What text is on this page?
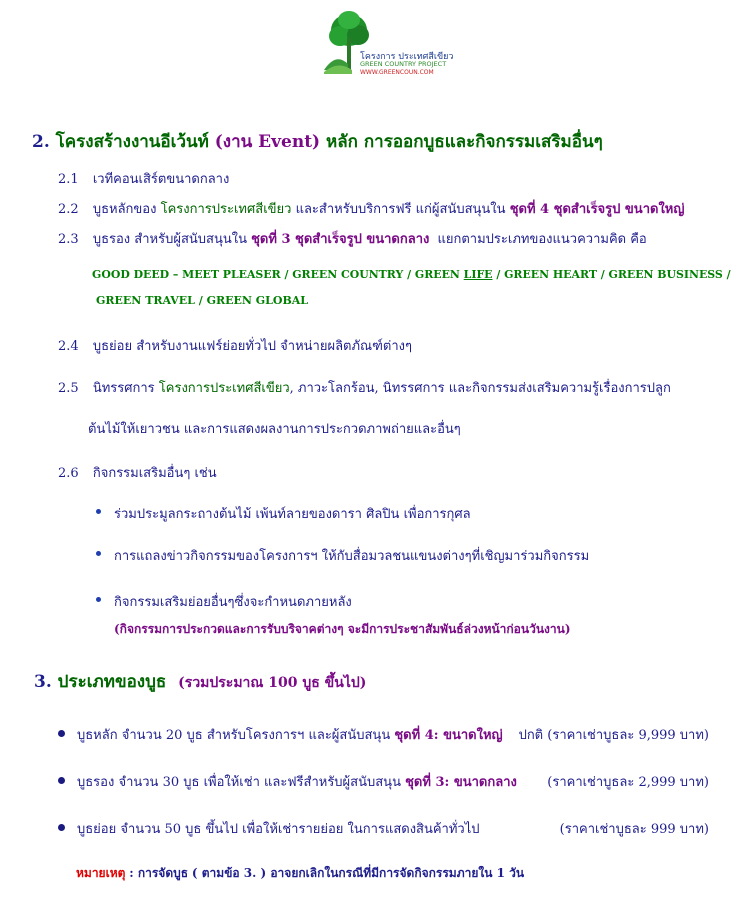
โครงการ ประเทศสีเขียว
GREEN COUNTRY PROJECT
WWW.GREENCOUN.COM
2. โครงสร้างงานอีเว้นท์ (งาน Event) หลัก การออกบูธและกิจกรรมเสริมอื่นๆ
2.1 เวทีคอนเสิร์ตขนาดกลาง
2.2 บูธหลักของ โครงการประเทศสีเขียว และสำหรับบริการฟรี แก่ผู้สนับสนุนใน ชุดที่ 4 ชุดสำเร็จรูป ขนาดใหญ่
2.3 บูธรอง สำหรับผู้สนับสนุนใน ชุดที่ 3 ชุดสำเร็จรูป ขนาดกลาง แยกตามประเภทของแนวความคิด คือ
GOOD DEED – MEET PLEASER / GREEN COUNTRY / GREEN LIFE / GREEN HEART / GREEN BUSINESS /
GREEN TRAVEL / GREEN GLOBAL
2.4 บูธย่อย สำหรับงานแฟร์ย่อยทั่วไป จำหน่ายผลิตภัณฑ์ต่างๆ
2.5 นิทรรศการ โครงการประเทศสีเขียว, ภาวะโลกร้อน, นิทรรศการ และกิจกรรมส่งเสริมความรู้เรื่องการปลูก
ต้นไม้ให้เยาวชน และการแสดงผลงานการประกวดภาพถ่ายและอื่นๆ
2.6 กิจกรรมเสริมอื่นๆ เช่น
ร่วมประมูลกระถางต้นไม้ เพ้นท์ลายของดารา ศิลปิน เพื่อการกุศล
การแถลงข่าวกิจกรรมของโครงการฯ ให้กับสื่อมวลชนแขนงต่างๆที่เชิญมาร่วมกิจกรรม
กิจกรรมเสริมย่อยอื่นๆซึ่งจะกำหนดภายหลัง
(กิจกรรมการประกวดและการรับบริจาคต่างๆ จะมีการประชาสัมพันธ์ล่วงหน้าก่อนวันงาน)
3. ประเภทของบูธ (รวมประมาณ 100 บูธ ขึ้นไป)
บูธหลัก จำนวน 20 บูธ สำหรับโครงการฯ และผู้สนับสนุน ชุดที่ 4: ขนาดใหญ่ ปกติ (ราคาเช่าบูธละ 9,999 บาท)
บูธรอง จำนวน 30 บูธ เพื่อให้เช่า และฟรีสำหรับผู้สนับสนุน ชุดที่ 3: ขนาดกลาง (ราคาเช่าบูธละ 2,999 บาท)
บูธย่อย จำนวน 50 บูธ ขึ้นไป เพื่อให้เช่ารายย่อย ในการแสดงสินค้าทั่วไป	(ราคาเช่าบูธละ 999 บาท)
หมายเหตุ : การจัดบูธ ( ตามข้อ 3. ) อาจยกเลิกในกรณีที่มีการจัดกิจกรรมภายใน 1 วัน
